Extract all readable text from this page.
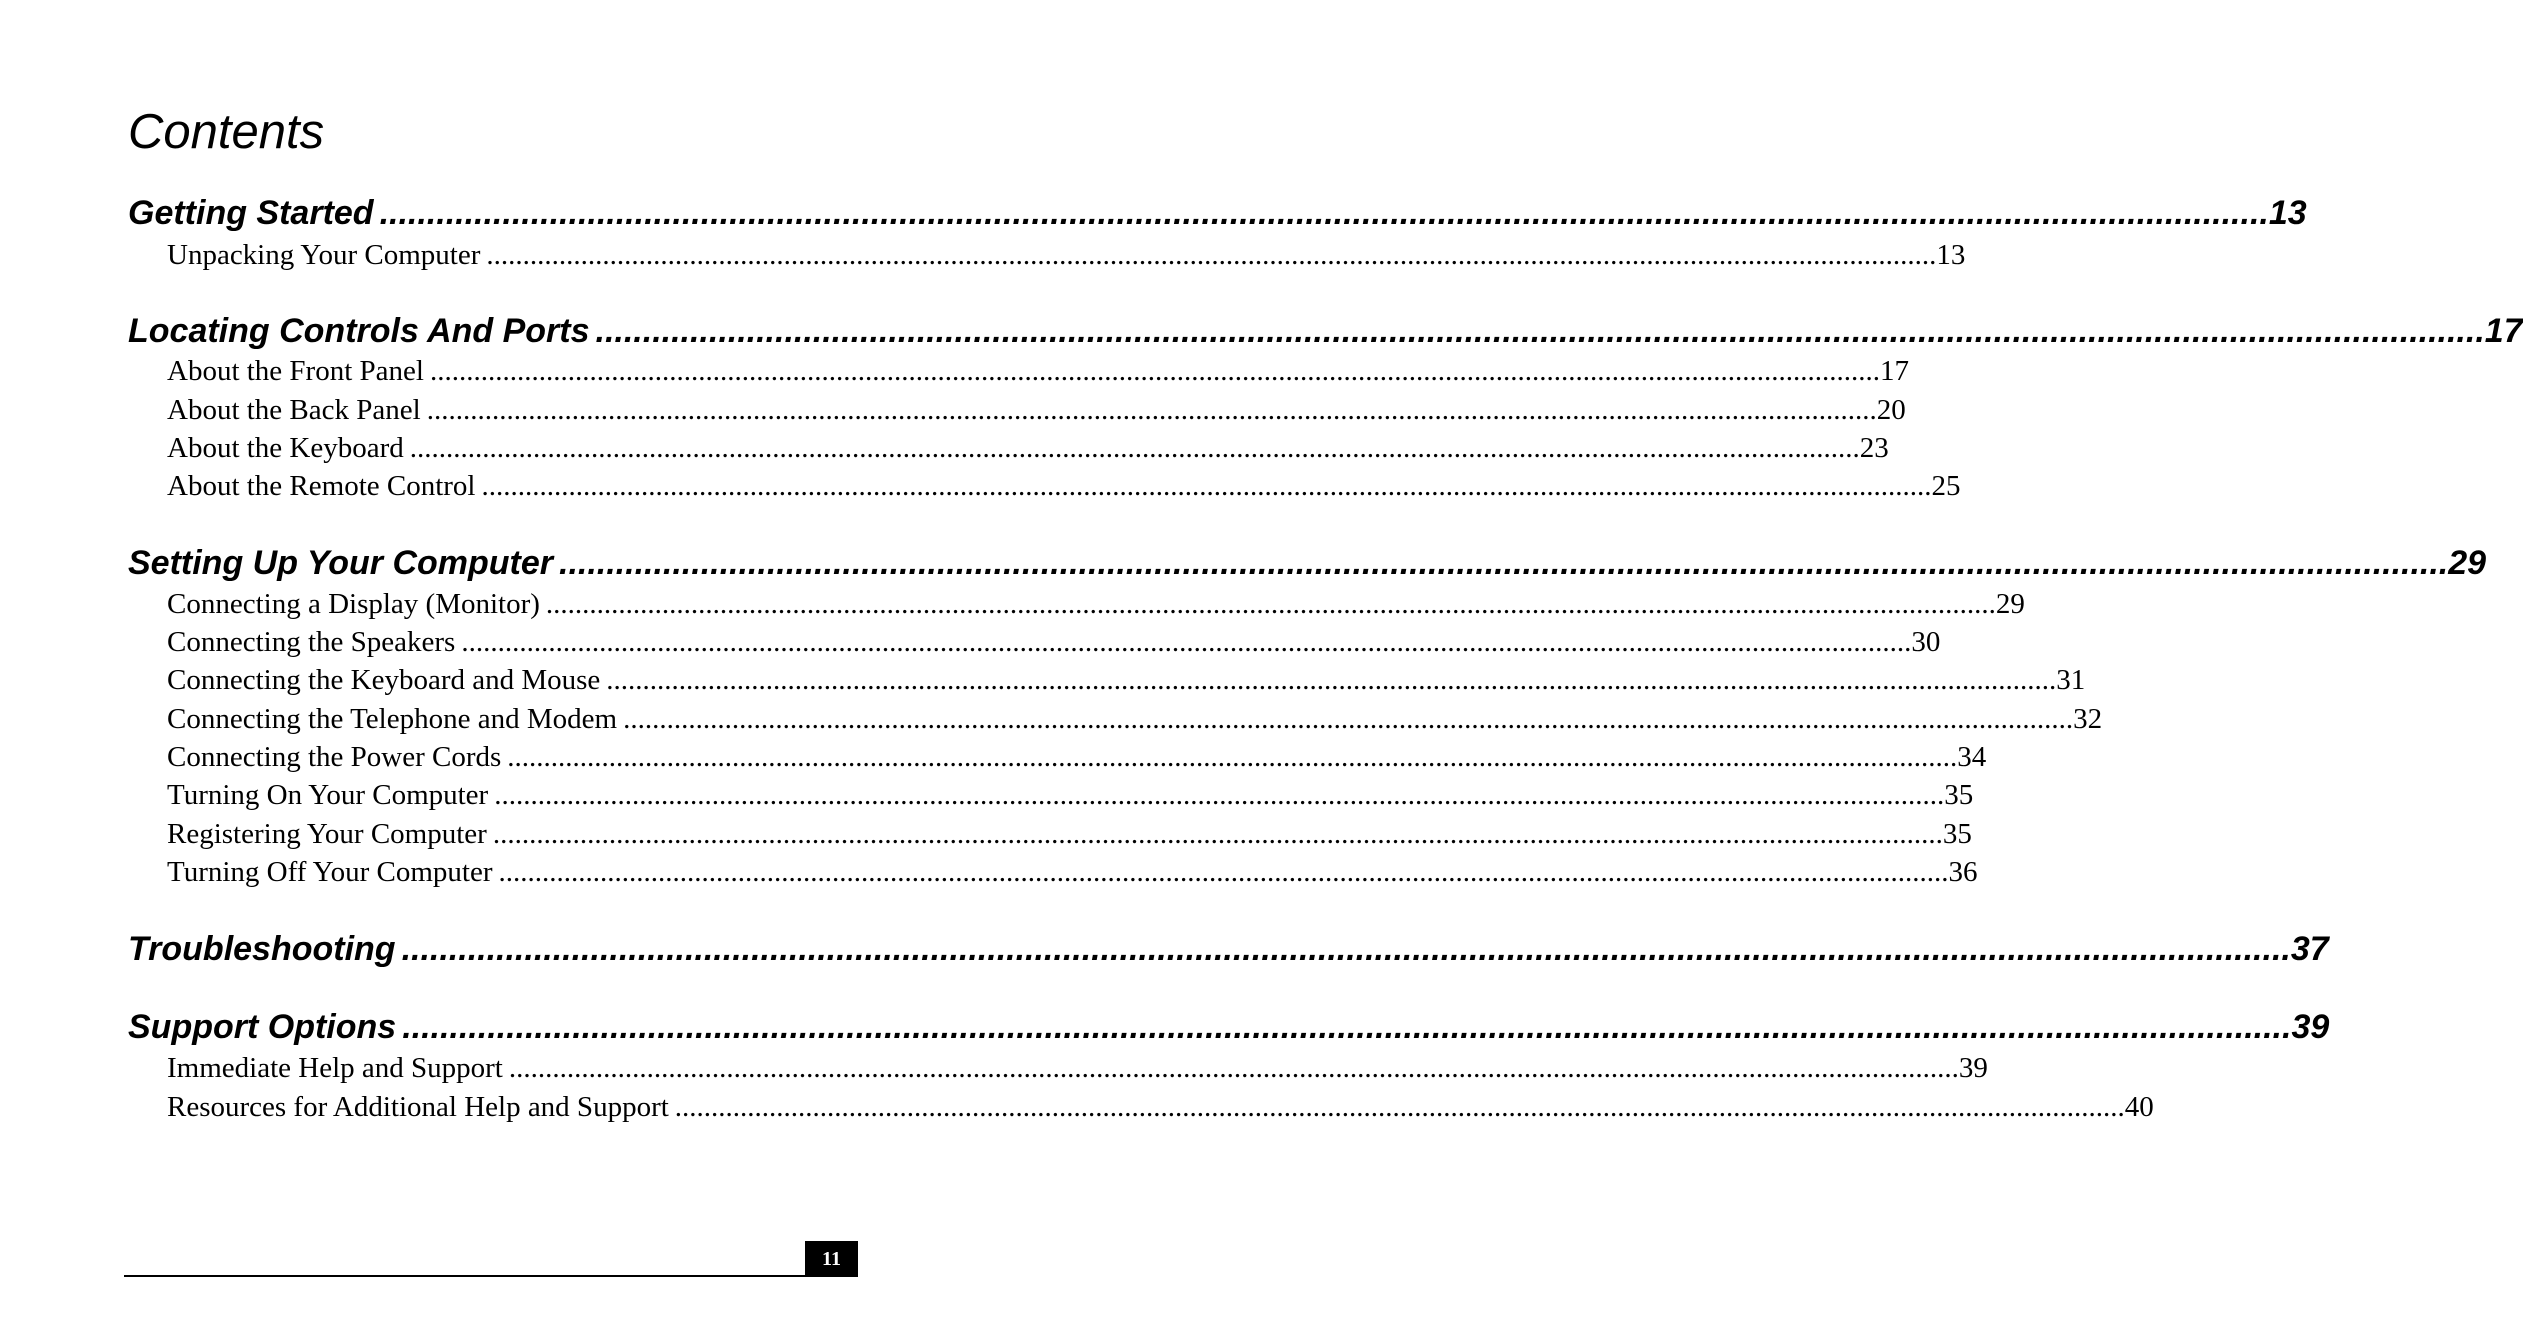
Contents
Getting Started ........................................................................................................................................................................................................ 13
Unpacking Your Computer ........................................................................................................................................................................................................ 13
Locating Controls And Ports ........................................................................................................................................................................................................ 17
About the Front Panel ........................................................................................................................................................................................................ 17
About the Back Panel ........................................................................................................................................................................................................ 20
About the Keyboard ........................................................................................................................................................................................................ 23
About the Remote Control ........................................................................................................................................................................................................ 25
Setting Up Your Computer ........................................................................................................................................................................................................ 29
Connecting a Display (Monitor) ........................................................................................................................................................................................................ 29
Connecting the Speakers ........................................................................................................................................................................................................ 30
Connecting the Keyboard and Mouse ........................................................................................................................................................................................................ 31
Connecting the Telephone and Modem ........................................................................................................................................................................................................ 32
Connecting the Power Cords ........................................................................................................................................................................................................ 34
Turning On Your Computer ........................................................................................................................................................................................................ 35
Registering Your Computer ........................................................................................................................................................................................................ 35
Turning Off Your Computer ........................................................................................................................................................................................................ 36
Troubleshooting ........................................................................................................................................................................................................ 37
Support Options ........................................................................................................................................................................................................ 39
Immediate Help and Support ........................................................................................................................................................................................................ 39
Resources for Additional Help and Support ........................................................................................................................................................................................................ 40
11
